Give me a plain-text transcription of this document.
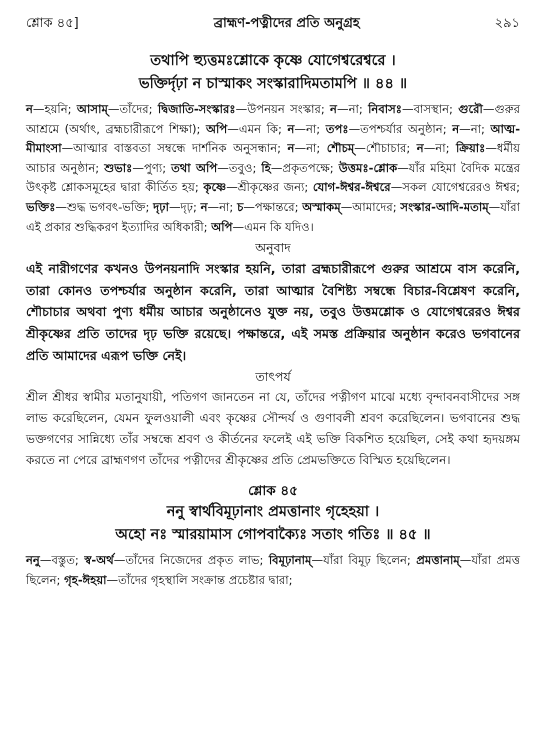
শ্লোক ৪৫]	ব্রাহ্মণ-পত্নীদের প্রতি অনুগ্রহ	২৯১
তথাপি হ্যুত্তমঃশ্লোকে কৃষ্ণে যোগেশ্বরেশ্বরে ।
ভক্তির্দৃঢ়া ন চাস্মাকং সংস্কারাদিমতামপি ॥ ৪৪ ॥
ন—হয়নি; আসাম্—তাঁদের; দ্বিজাতি-সংস্কারঃ—উপনয়ন সংস্কার; ন—না; নিবাসঃ—বাসস্থান; গুরৌ—গুরুর আশ্রমে (অর্থাৎ, ব্রহ্মচারীরূপে শিক্ষা); অপি—এমন কি; ন—না; তপঃ—তপশ্চর্যার অনুষ্ঠান; ন—না; আত্ম-মীমাংসা—আত্মার বাস্তবতা সম্বন্ধে দার্শনিক অনুসন্ধান; ন—না; শৌচম্—শৌচাচার; ন—না; ক্রিয়াঃ—ধর্মীয় আচার অনুষ্ঠান; শুভাঃ—পুণ্য; তথা অপি—তবুও; হি—প্রকৃতপক্ষে; উত্তমঃ-শ্লোক—যাঁর মহিমা বৈদিক মন্ত্রের উৎকৃষ্ট শ্লোকসমূহের দ্বারা কীর্তিত হয়; কৃষ্ণে—শ্রীকৃষ্ণের জন্য; যোগ-ঈশ্বর-ঈশ্বরে—সকল যোগেশ্বরেরও ঈশ্বর; ভক্তিঃ—শুদ্ধ ভগবৎ-ভক্তি; দৃঢ়া—দৃঢ়; ন—না; চ—পক্ষান্তরে; অস্মাকম্—আমাদের; সংস্কার-আদি-মতাম্—যাঁরা এই প্রকার শুদ্ধিকরণ ইত্যাদির অধিকারী; অপি—এমন কি যদিও।
অনুবাদ
এই নারীগণের কখনও উপনয়নাদি সংস্কার হয়নি, তারা ব্রহ্মচারীরূপে গুরুর আশ্রমে বাস করেনি, তারা কোনও তপশ্চর্যার অনুষ্ঠান করেনি, তারা আত্মার বৈশিষ্ট্য সম্বন্ধে বিচার-বিশ্লেষণ করেনি, শৌচাচার অথবা পুণ্য ধর্মীয় আচার অনুষ্ঠানেও যুক্ত নয়, তবুও উত্তমশ্লোক ও যোগেশ্বরেরও ঈশ্বর শ্রীকৃষ্ণের প্রতি তাদের দৃঢ় ভক্তি রয়েছে। পক্ষান্তরে, এই সমস্ত প্রক্রিয়ার অনুষ্ঠান করেও ভগবানের প্রতি আমাদের এরূপ ভক্তি নেই।
তাৎপর্য
শ্রীল শ্রীধর স্বামীর মতানুযায়ী, পতিগণ জানতেন না যে, তাঁদের পত্নীগণ মাঝে মধ্যে বৃন্দাবনবাসীদের সঙ্গ লাভ করেছিলেন, যেমন ফুলওয়ালী এবং কৃষ্ণের সৌন্দর্য ও গুণাবলী শ্রবণ করেছিলেন। ভগবানের শুদ্ধ ভক্তগণের সান্নিধ্যে তাঁর সম্বন্ধে শ্রবণ ও কীর্তনের ফলেই এই ভক্তি বিকশিত হয়েছিল, সেই কথা হৃদয়ঙ্গম করতে না পেরে ব্রাহ্মণগণ তাঁদের পত্নীদের শ্রীকৃষ্ণের প্রতি প্রেমভক্তিতে বিস্মিত হয়েছিলেন।
শ্লোক ৪৫
ননু স্বার্থবিমূঢ়ানাং প্রমত্তানাং গৃহেহয়া ।
অহো নঃ স্মারয়ামাস গোপবাক্যৈঃ সতাং গতিঃ ॥ ৪৫ ॥
ননু—বস্তুত; স্ব-অর্থ—তাঁদের নিজেদের প্রকৃত লাভ; বিমূঢ়ানাম্—যাঁরা বিমূঢ় ছিলেন; প্রমত্তানাম্—যাঁরা প্রমত্ত ছিলেন; গৃহ-ঈহয়া—তাঁদের গৃহস্থালি সংক্রান্ত প্রচেষ্টার দ্বারা;
